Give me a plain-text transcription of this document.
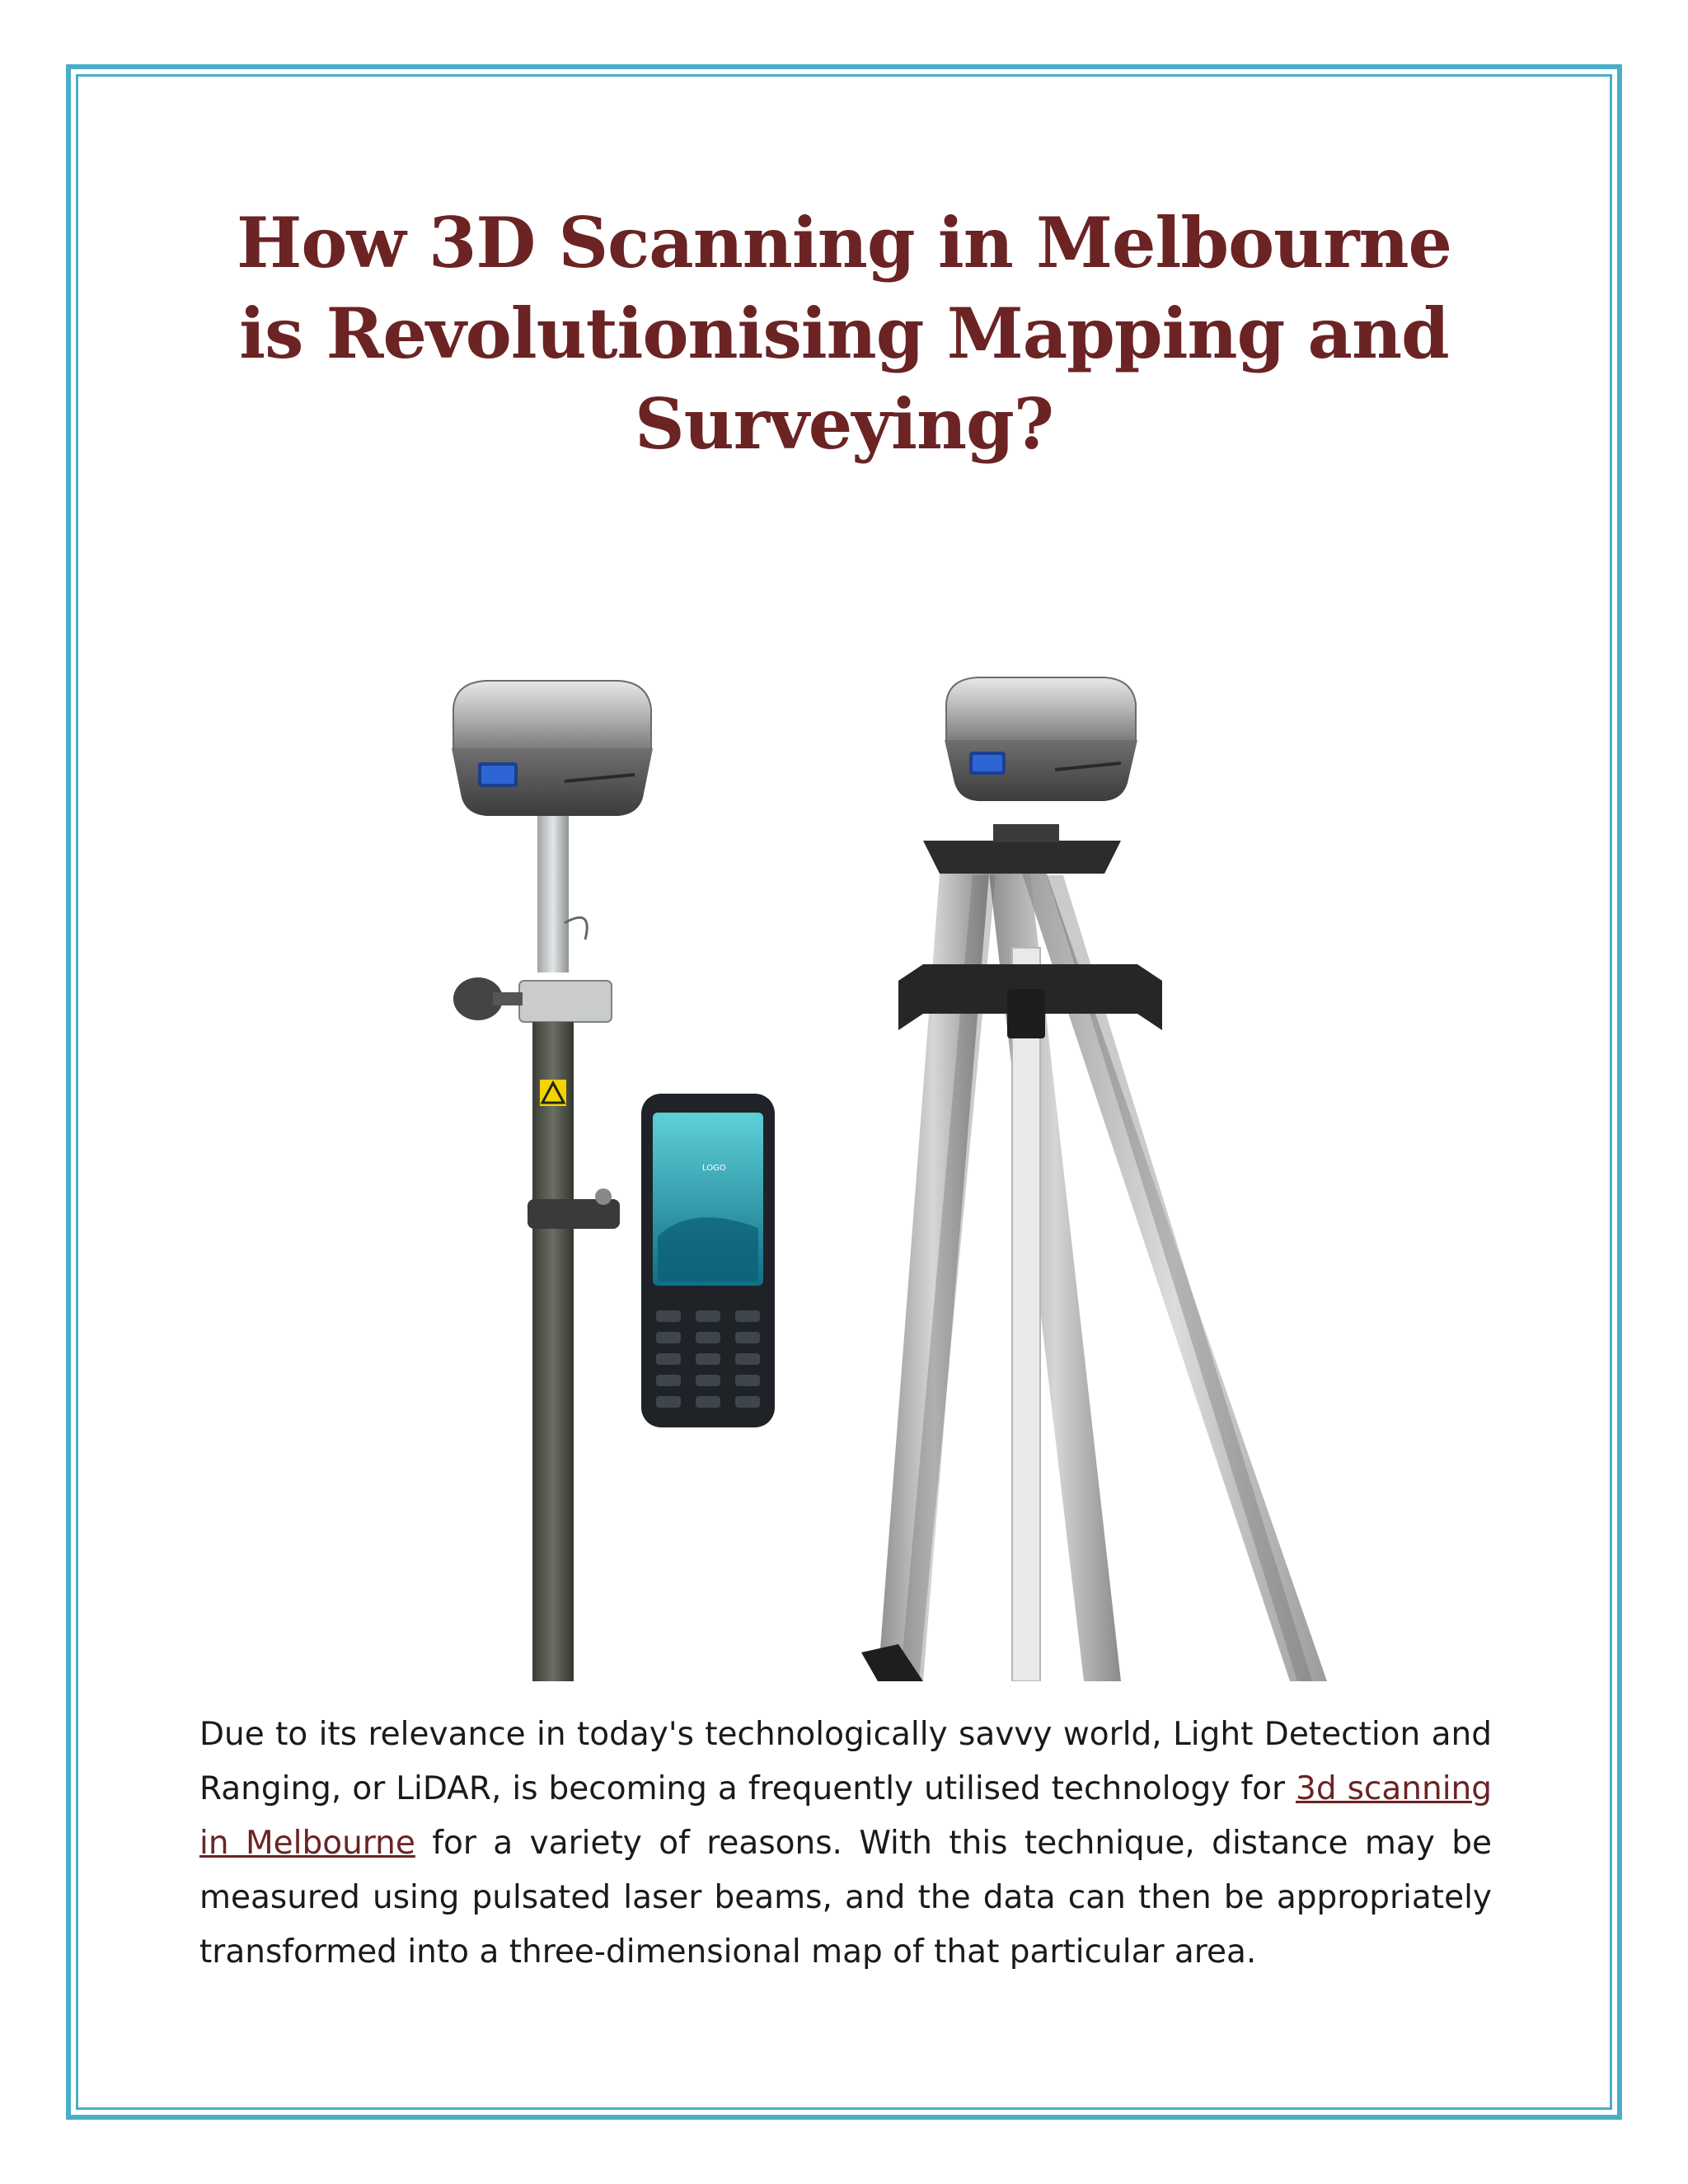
How 3D Scanning in Melbourne is Revolutionising Mapping and Surveying?
LOGO

Due to its relevance in today's technologically savvy world, Light Detection and Ranging, or LiDAR, is becoming a frequently utilised technology for 3d scanning in Melbourne for a variety of reasons. With this technique, distance may be measured using pulsated laser beams, and the data can then be appropriately transformed into a three-dimensional map of that particular area.
